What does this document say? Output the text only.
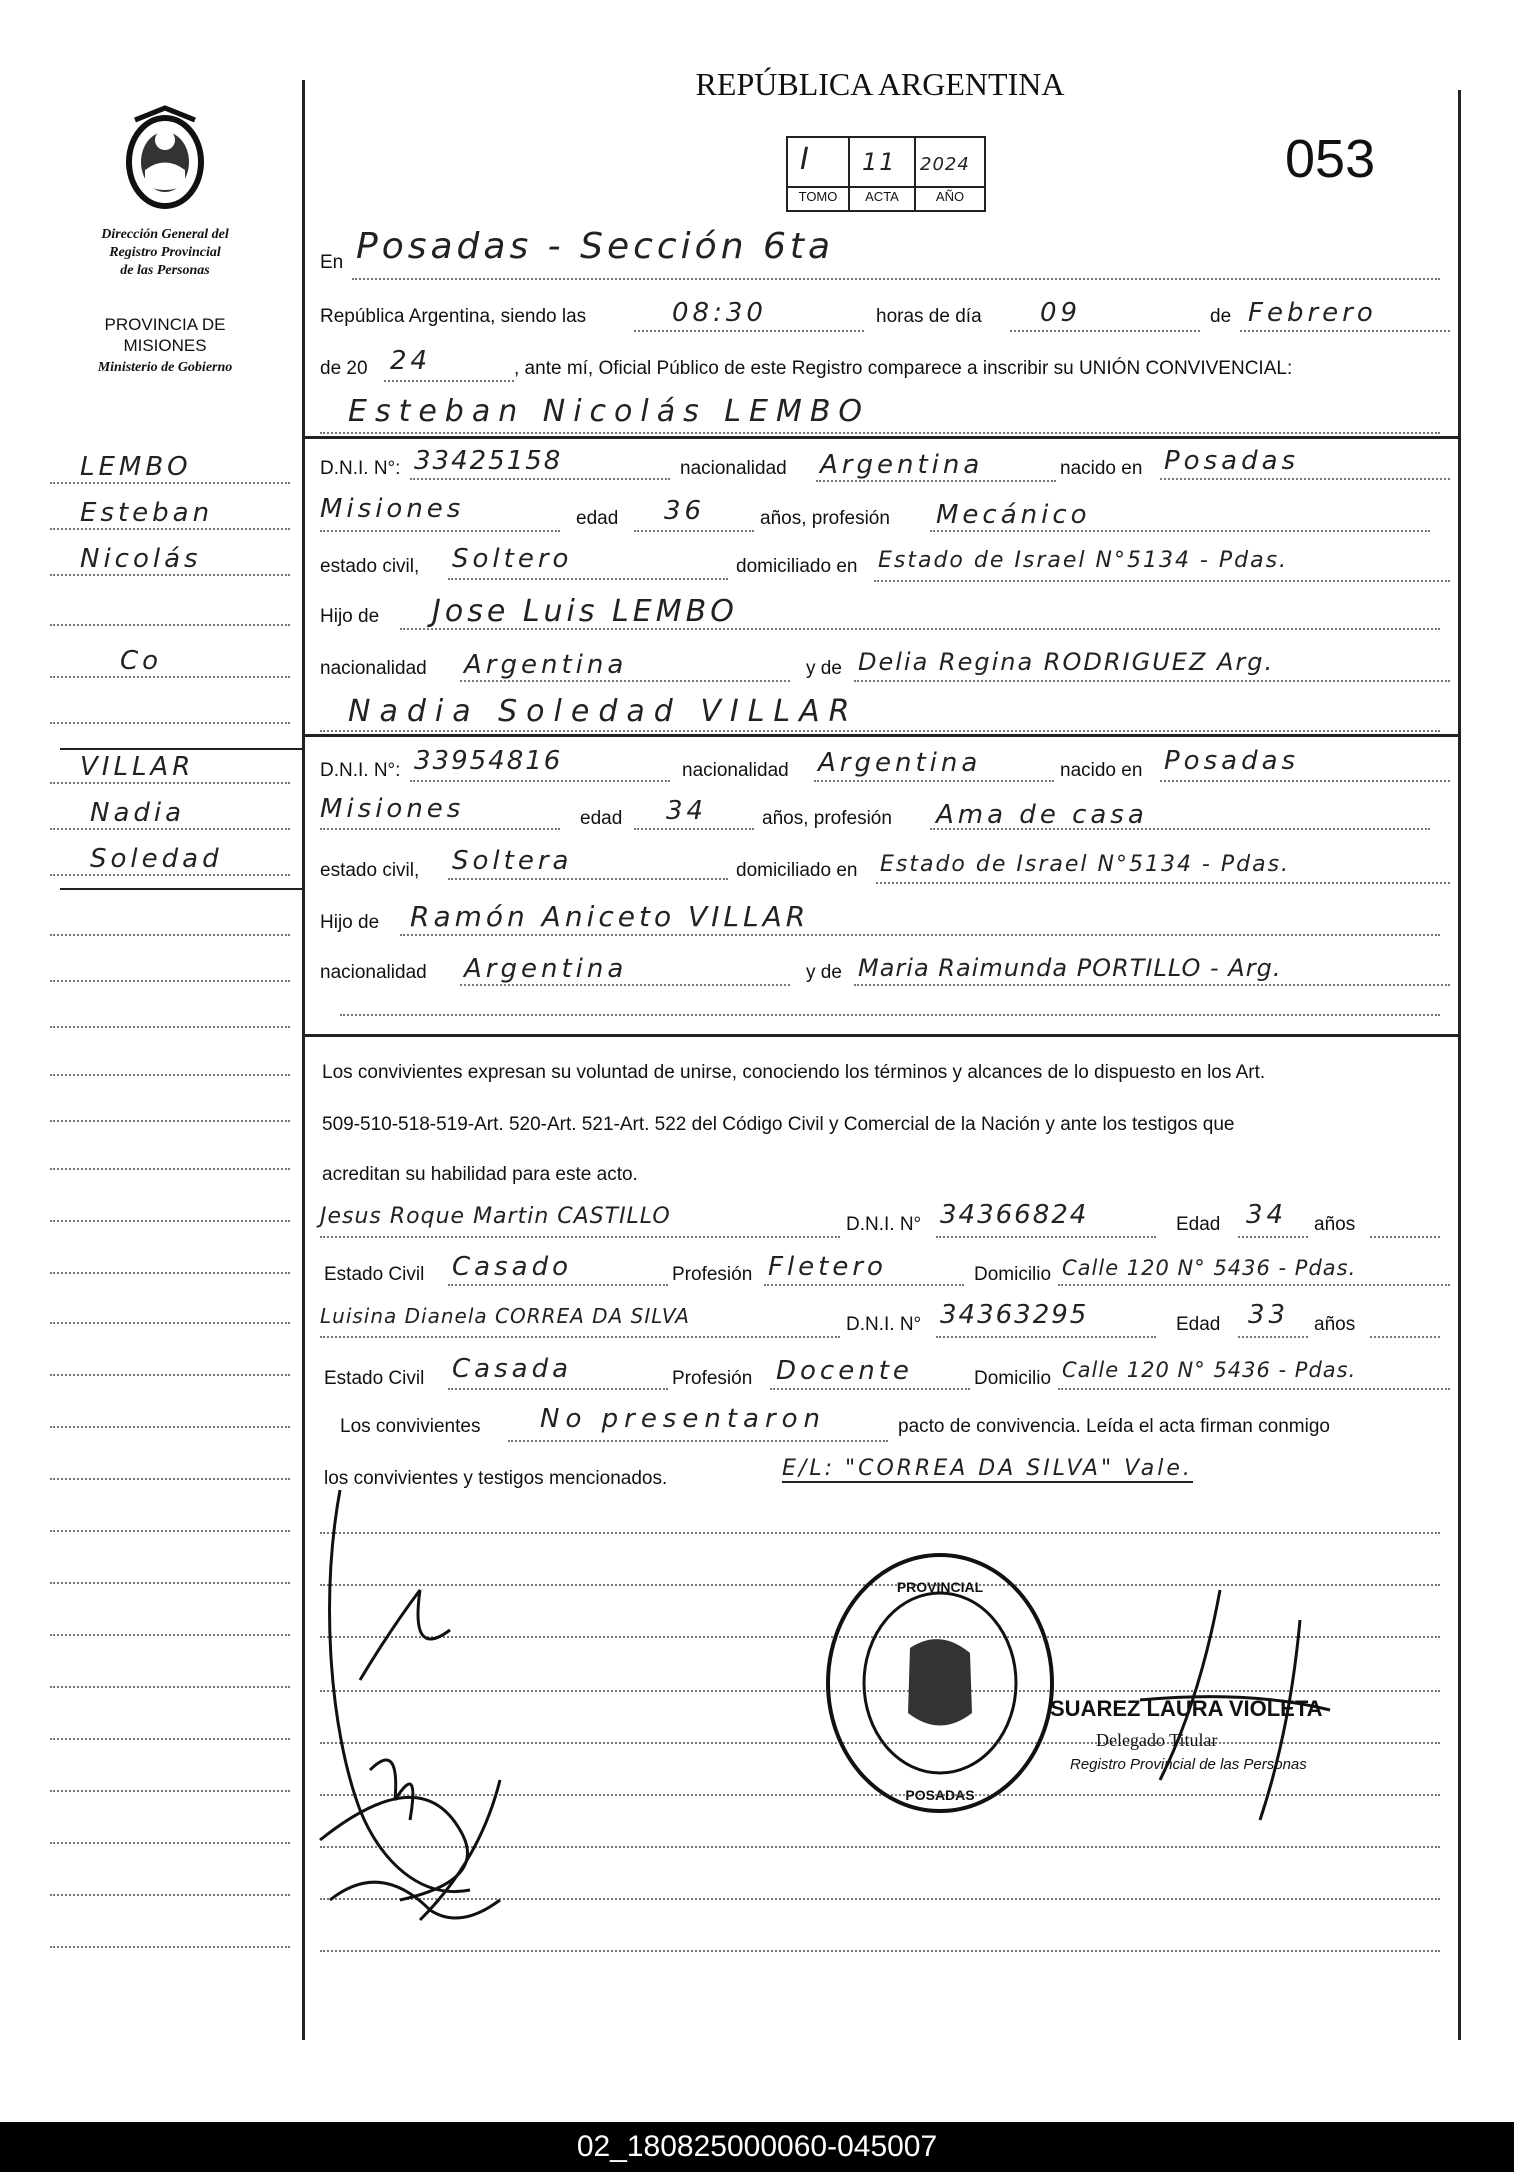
Dirección General del
Registro Provincial
de las Personas
PROVINCIA DE
MISIONES
Ministerio de Gobierno
LEMBO
Esteban
Nicolás
Co
VILLAR
Nadia
Soledad
REPÚBLICA ARGENTINA
053
I 11 2024
TOMO	ACTA	AÑO
En Posadas - Sección 6ta
República Argentina, siendo las	08:30	horas de día 09	de Febrero
de 20 24	, ante mí, Oficial Público de este Registro comparece a inscribir su UNIÓN CONVIVENCIAL:
Esteban Nicolás LEMBO
D.N.I. N°: 33425158	nacionalidad Argentina	nacido en Posadas
Misiones	edad 36	años, profesión Mecánico
estado civil, Soltero	domiciliado en Estado de Israel N°5134 - Pdas.
Hijo de Jose Luis LEMBO
nacionalidad Argentina	y de Delia Regina RODRIGUEZ Arg.
Nadia Soledad VILLAR
D.N.I. N°: 33954816	nacionalidad Argentina	nacido en Posadas
Misiones	edad 34	años, profesión Ama de casa
estado civil, Soltera	domiciliado en Estado de Israel N°5134 - Pdas.
Hijo de Ramón Aniceto VILLAR
nacionalidad Argentina	y de Maria Raimunda PORTILLO - Arg.
Los convivientes expresan su voluntad de unirse, conociendo los términos y alcances de lo dispuesto en los Art.
509-510-518-519-Art. 520-Art. 521-Art. 522 del Código Civil y Comercial de la Nación y ante los testigos que
acreditan su habilidad para este acto.
Jesus Roque Martin CASTILLO	D.N.I. N° 34366824	Edad 34 años
Estado Civil Casado	Profesión Fletero	Domicilio Calle 120 N° 5436 - Pdas.
Luisina Dianela CORREA DA SILVA	D.N.I. N° 34363295	Edad 33 años
Estado Civil Casada	Profesión Docente	Domicilio Calle 120 N° 5436 - Pdas.
Los convivientes No presentaron	pacto de convivencia. Leída el acta firman conmigo
los convivientes y testigos mencionados.	E/L: "CORREA DA SILVA" Vale.
PROVINCIAL
POSADAS
SUAREZ LAURA VIOLETA
Delegado Titular
Registro Provincial de las Personas
02_180825000060-045007
